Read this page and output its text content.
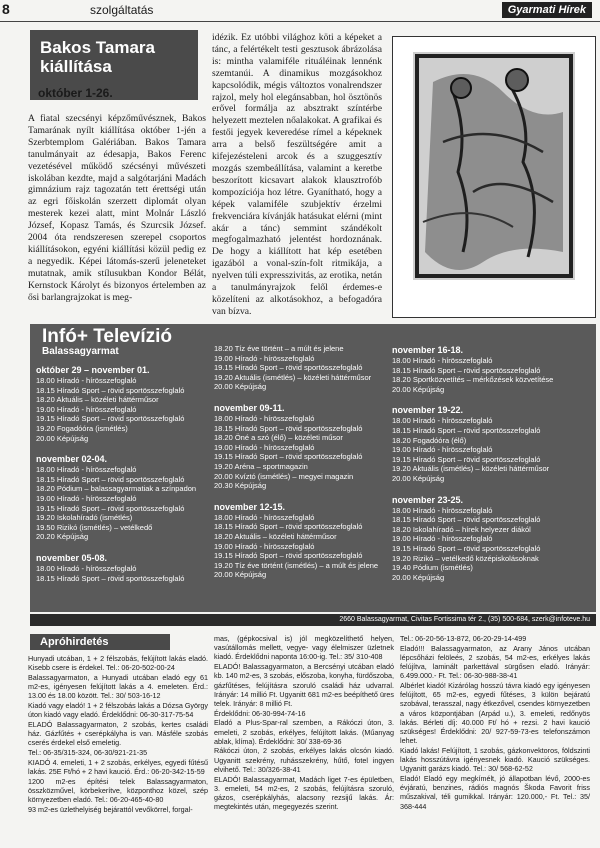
8	szolgáltatás	Gyarmati Hírek
Bakos Tamara
kiállítása
október 1-26.
A fiatal szecsényi képzőművésznek, Bakos Tamarának nyílt kiállítása október 1-jén a Szerbtemplom Galériában. Bakos Tamara tanulmányait az édesapja, Bakos Ferenc vezetésével működő szécsényi művészeti iskolában kezdte, majd a salgótarjáni Madách gimnázium rajz tagozatán tett érettségi után az egri főiskolán szerzett diplomát olyan mesterek kezei alatt, mint Molnár László József, Kopasz Tamás, és Szurcsik József. 2004 óta rendszeresen szerepel csoportos kiállításokon, egyéni kiállítási közül pedig ez a negyedik. Képei látomás-szerű jeleneteket mutatnak, amik stílusukban Kondor Bélát, Kernstock Károlyt és bizonyos értelemben az ősi barlangrajzokat is meg-
idézik. Ez utóbbi világhoz köti a képeket a tánc, a felértékelt testi gesztusok ábrázolása is: mintha valamiféle rituáléinak lennénk szemtanúi. A dinamikus mozgásokhoz kapcsolódik, mégis változtos vonalrendszer rajzol, mely hol elegánsabban, hol ösztönös erővel formálja az absztrakt színtérbe helyezett meztelen nőalakokat. A grafikai és festői jegyek keveredése rímel a képeknek arra a belső feszültségére amit a kifejezésteleni arcok és a szuggesztív mozgás szembeállítása, valamint a keretbe beszorított kicsavart alakok klausztrofób kompozíciója hoz létre. Gyanítható, hogy a képek valamiféle szubjektív érzelmi frekvenciára kívánják hatásukat elérni (mint akár a tánc) semmint szándékolt megfogalmazható jelentést hordoznának. De hogy a kiállított hat kép esetében igazából a vonal-szín-folt ritmikája, a nyelven túli expresszivitás, az erotika, netán a tanulmányrajzok felől érdemes-e közelíteni az alkotásokhoz, a befogadóra van bízva.
Infó+ Televízió
Balassagyarmat
október 29 – november 01.
18.00 Híradó - hírösszefoglaló
18.15 Híradó Sport – rövid sportösszefoglaló
18.20 Aktuális – közéleti háttérműsor
19.00 Híradó - hírösszefoglaló
19.15 Híradó Sport – rövid sportösszefoglaló
19.20 Fogadóóra (ismétlés)
20.00 Képújság
november 02-04.
18.00 Híradó - hírösszefoglaló
18.15 Híradó Sport – rövid sportösszefoglaló
18.20 Pódium – balassagyarmatiak a színpadon
19.00 Híradó - hírösszefoglaló
19.15 Híradó Sport – rövid sportösszefoglaló
19.20 Iskolahíradó (ismétlés)
19.50 Rizikó (ismétlés) – vetélkedő
20.20 Képújság
november 05-08.
18.00 Híradó - hírösszefoglaló
18.15 Híradó Sport – rövid sportösszefoglaló
18.20 Tíz éve történt – a múlt és jelene
19.00 Híradó - hírösszefoglaló
19.15 Híradó Sport – rövid sportösszefoglaló
19.20 Aktuális (ismétlés) – közéleti háttérműsor
20.00 Képújság
november 09-11.
18.00 Híradó - hírösszefoglaló
18.15 Híradó Sport – rövid sportösszefoglaló
18.20 Öné a szó (élő) – közéleti műsor
19.00 Híradó - hírösszefoglaló
19.15 Híradó Sport – rövid sportösszefoglaló
19.20 Aréna – sportmagazin
20.00 Kvíztó (ismétlés) – megyei magazin
20.30 Képújság
november 12-15.
18.00 Híradó - hírösszefoglaló
18.15 Híradó Sport – rövid sportösszefoglaló
18.20 Aktuális – közéleti háttérműsor
19.00 Híradó - hírösszefoglaló
19.15 Híradó Sport – rövid sportösszefoglaló
19.20 Tíz éve történt (ismétlés) – a múlt és jelene
20.00 Képújság
november 16-18.
18.00 Híradó - hírösszefoglaló
18.15 Híradó Sport – rövid sportösszefoglaló
18.20 Sportközvetítés – mérkőzések közvetítése
20.00 Képújság
november 19-22.
18.00 Híradó - hírösszefoglaló
18.15 Híradó Sport – rövid sportösszefoglaló
18.20 Fogadóóra (élő)
19.00 Híradó - hírösszefoglaló
19.15 Híradó Sport – rövid sportösszefoglaló
19.20 Aktuális (ismétlés) – közéleti háttérműsor
20.00 Képújság
november 23-25.
18.00 Híradó - hírösszefoglaló
18.15 Híradó Sport – rövid sportösszefoglaló
18.20 Iskolahíradó – hírek helyezer diákól
19.00 Híradó - hírösszefoglaló
19.15 Híradó Sport – rövid sportösszefoglaló
19.20 Rizikó – vetélkedő középiskolásoknak
19.40 Pódium (ismétlés)
20.00 Képújság
2660 Balassagyarmat, Civitas Fortissima tér 2., (35) 500-684, szerk@infoteve.hu
Apróhirdetés

Hunyadi utcában, 1 + 2 félszobás, felújított lakás eladó. Kisebb csere is érdekel. Tel.: 06-20-502-00-24

Balassagyarmaton, a Hunyadi utcában eladó egy 61 m2-es, igényesen felújított lakás a 4. emeleten. Érd.: 13.00 és 18.00 között. Tel.: 30/ 503-16-12

Kiadó vagy eladó! 1 + 2 félszobás lakás a Dózsa György úton kiadó vagy eladó. Érdeklődni: 06-30-317-75-54

ELADÓ Balassagyarmaton, 2 szobás, kertes családi ház. Gázfűtés + cserépkályha is van. Másféle szobás cserés érdekel első emeletig.

Tel.: 06-35/315-324, 06-30/921-21-35

KIADÓ 4. emeleti, 1 + 2 szobás, erkélyes, egyedi fűtésű lakás. 25E Ft/hó + 2 havi kaució. Érd.: 06-20-342-15-59

1200 m2-es építési telek Balassagyarmaton, összközművel, körbekerítve, központhoz közel, szép környezetben eladó. Tel.: 06-20-465-40-80

93 m2-es üzlethelyiség bejárattól vevőkörrel, forgal-

mas, (gépkocsival is) jól megközelíthető helyen, vasútállomás mellett, vegye- vagy élelmiszer üzletnek kiadó. Érdeklődni naponta 16:00-ig. Tel.: 35/ 310-408

ELADÓ! Balassagyarmaton, a Bercsényi utcában eladó kb. 140 m2-es, 3 szobás, előszoba, konyha, fürdőszoba, gázfűtéses, felújításra szoruló családi ház udvarral. Irányár: 14 millió Ft. Ugyanitt 681 m2-es beépíthető üres telek. Irányár: 8 millió Ft.

Érdeklődni: 06-30-994-74-16

Eladó a Plus-Spar-ral szemben, a Rákóczi úton, 3. emeleti, 2 szobás, erkélyes, felújított lakás. (Műanyag ablak, klíma). Érdeklődni: 30/ 338-69-36

Rákóczi úton, 2 szobás, erkélyes lakás olcsón kiadó. Ugyanitt szekrény, ruhásszekrény, hűtő, fotel ingyen elvihető. Tel.: 30/326-38-41

ELADÓ! Balassagyarmat, Madách liget 7-es épületben, 3. emeleti, 54 m2-es, 2 szobás, felújításra szoruló, gázos, cserépkályhás, alacsony rezsijű lakás. Ár: megtekintés után, megegyezés szerint.

Tel.: 06-20-56-13-872, 06-20-29-14-499

Eladó!!! Balassagyarmaton, az Arany János utcában lépcsőházi felöleés, 2 szobás, 54 m2-es, erkélyes lakás felújítva, laminált parkettával sürgősen eladó. Irányár: 6.499.000.- Ft. Tel.: 06-30-988-38-41

Albérlet kiadó! Kizárólag hosszú távra kiadó egy igényesen felújított, 65 m2-es, egyedi fűtéses, 3 külön bejáratú szobával, terasszal, nagy étkezővel, csendes környezetben a város központjában (Arpád u.), 3. emeleti, redőnyös lakás. Bérleti díj: 40.000 Ft/ hó + rezsi. 2 havi kaució szükséges! Érdeklődni: 20/ 927-59-73-es telefonszámon lehet.

Kiadó lakás! Felújított, 1 szobás, gázkonvektoros, földszinti lakás hosszútávra igényesnek kiadó. Kaució szükséges. Ugyanitt garázs kiadó. Tel.: 30/ 568-62-52

Eladó! Eladó egy megkímélt, jó állapotban lévő, 2000-es évjáratú, benzines, rádiós magnós Škoda Favorit friss műszakival, téli gumikkal. Irányár: 120.000,- Ft. Tel.: 35/ 368-444
